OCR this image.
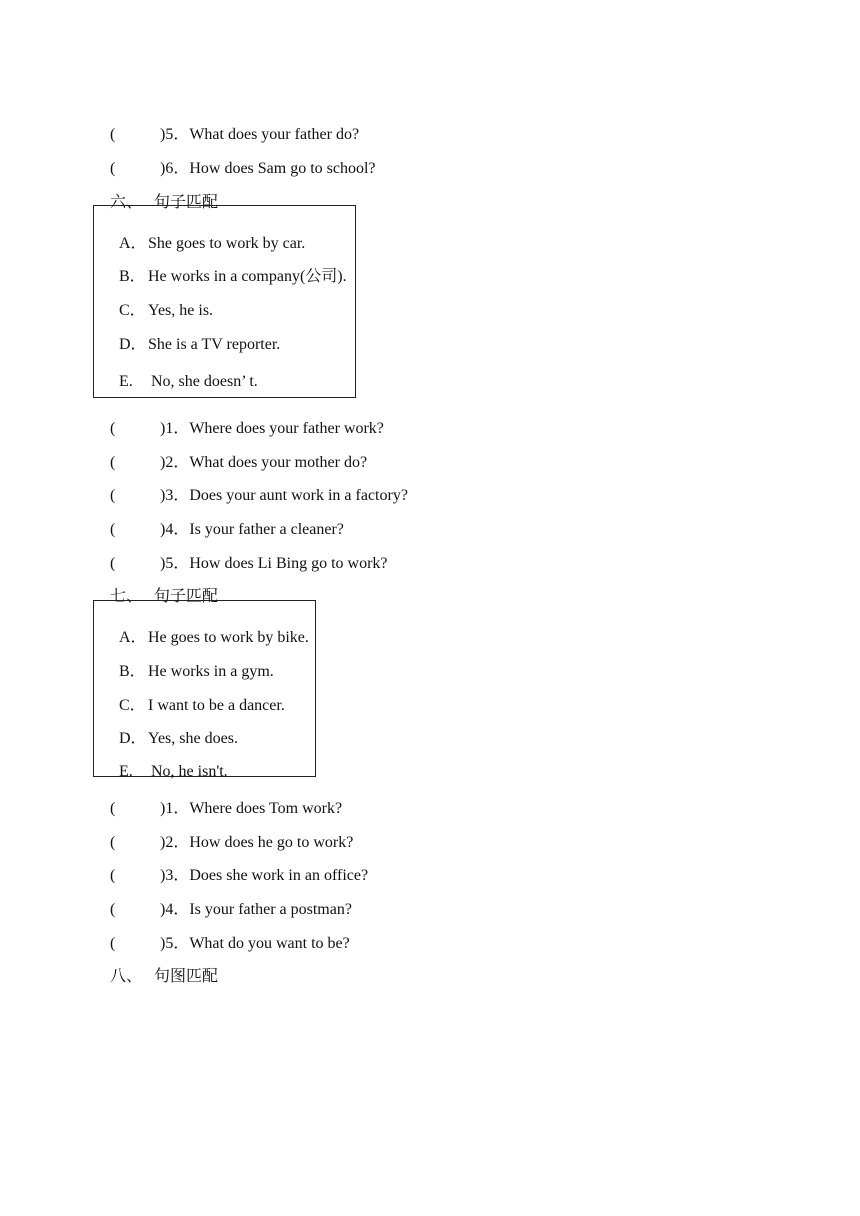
(	)5．What does your father do?

(	)6．How does Sam go to school?

六、 句子匹配

A．She goes to work by car.

B． He works in a company(公司).

C． Yes, he is.

D．She is a TV reporter.

E. No, she doesn’ t.

(	)1．Where does your father work?

(	)2．What does your mother do?

(	)3．Does your aunt work in a factory?

(	)4．Is your father a cleaner?

(	)5．How does Li Bing go to work?

七、 句子匹配

A．He goes to work by bike.

B． He works in a gym.

C． I want to be a dancer.

D．Yes, she does.

E. No, he isn't.

(	)1．Where does Tom work?

(	)2．How does he go to work?

(	)3．Does she work in an office?

(	)4．Is your father a postman?

(	)5．What do you want to be?

八、 句图匹配
